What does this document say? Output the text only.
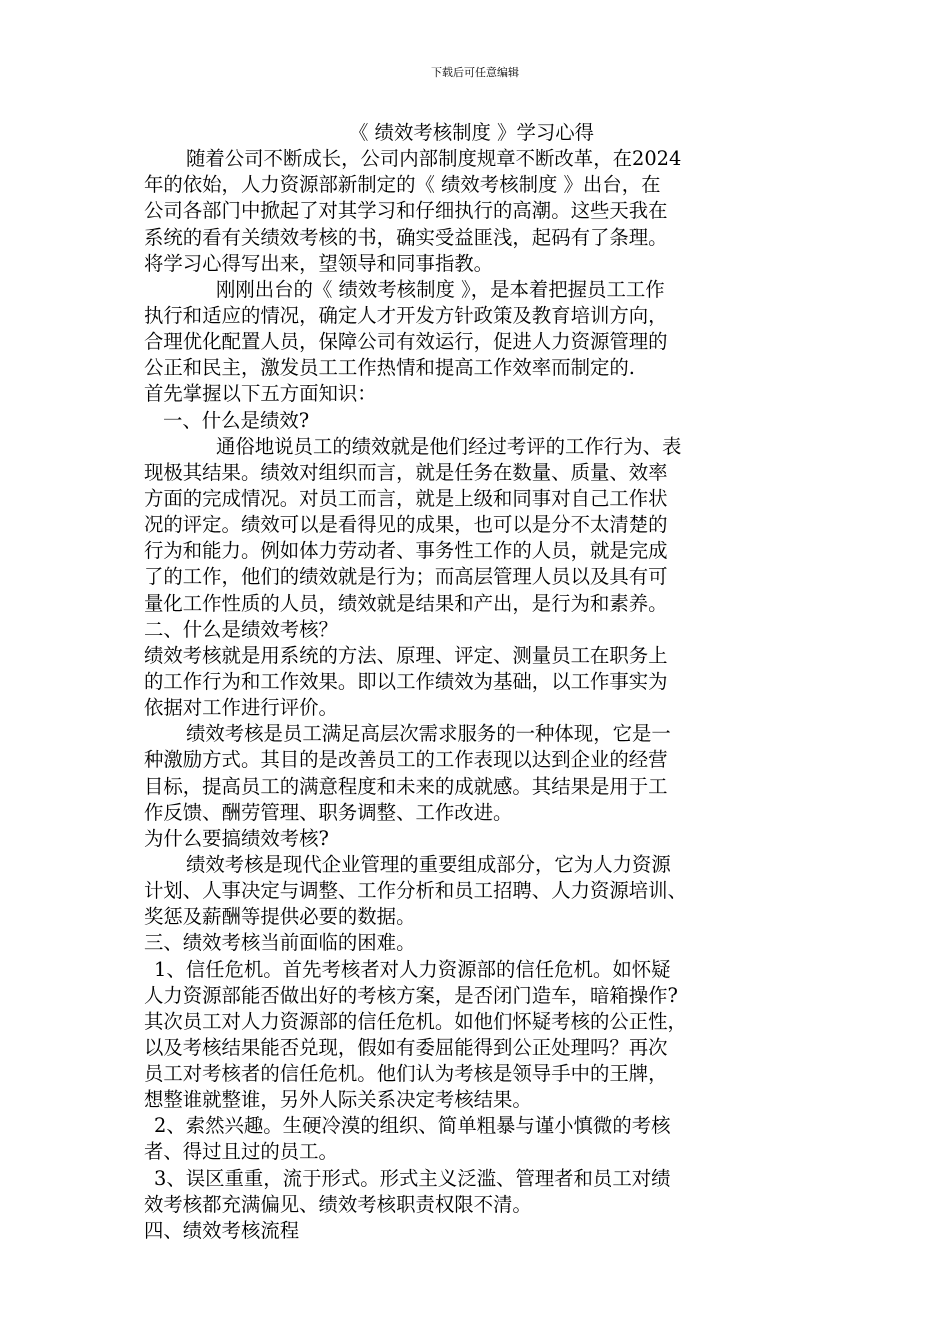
下载后可任意编辑
《 绩效考核制度 》学习心得
随着公司不断成长，公司内部制度规章不断改革，在2024
年的依始，人力资源部新制定的《 绩效考核制度 》出台，在
公司各部门中掀起了对其学习和仔细执行的高潮。这些天我在
系统的看有关绩效考核的书，确实受益匪浅，起码有了条理。
将学习心得写出来，望领导和同事指教。
刚刚出台的《 绩效考核制度 》，是本着把握员工工作
执行和适应的情况，确定人才开发方针政策及教育培训方向，
合理优化配置人员，保障公司有效运行，促进人力资源管理的
公正和民主，激发员工工作热情和提高工作效率而制定的.
首先掌握以下五方面知识：
一、什么是绩效?
通俗地说员工的绩效就是他们经过考评的工作行为、表
现极其结果。绩效对组织而言，就是任务在数量、质量、效率
方面的完成情况。对员工而言，就是上级和同事对自己工作状
况的评定。绩效可以是看得见的成果，也可以是分不太清楚的
行为和能力。例如体力劳动者、事务性工作的人员，就是完成
了的工作，他们的绩效就是行为；而高层管理人员以及具有可
量化工作性质的人员，绩效就是结果和产出，是行为和素养。
二、什么是绩效考核？
绩效考核就是用系统的方法、原理、评定、测量员工在职务上
的工作行为和工作效果。即以工作绩效为基础，以工作事实为
依据对工作进行评价。
绩效考核是员工满足高层次需求服务的一种体现，它是一
种激励方式。其目的是改善员工的工作表现以达到企业的经营
目标，提高员工的满意程度和未来的成就感。其结果是用于工
作反馈、酬劳管理、职务调整、工作改进。
为什么要搞绩效考核?
绩效考核是现代企业管理的重要组成部分，它为人力资源
计划、人事决定与调整、工作分析和员工招聘、人力资源培训、
奖惩及薪酬等提供必要的数据。
三、绩效考核当前面临的困难。
1、信任危机。首先考核者对人力资源部的信任危机。如怀疑
人力资源部能否做出好的考核方案，是否闭门造车，暗箱操作?
其次员工对人力资源部的信任危机。如他们怀疑考核的公正性，
以及考核结果能否兑现，假如有委屈能得到公正处理吗？再次
员工对考核者的信任危机。他们认为考核是领导手中的王牌，
想整谁就整谁，另外人际关系决定考核结果。
2、索然兴趣。生硬冷漠的组织、简单粗暴与谨小慎微的考核
者、得过且过的员工。
3、误区重重，流于形式。形式主义泛滥、管理者和员工对绩
效考核都充满偏见、绩效考核职责权限不清。
四、绩效考核流程
